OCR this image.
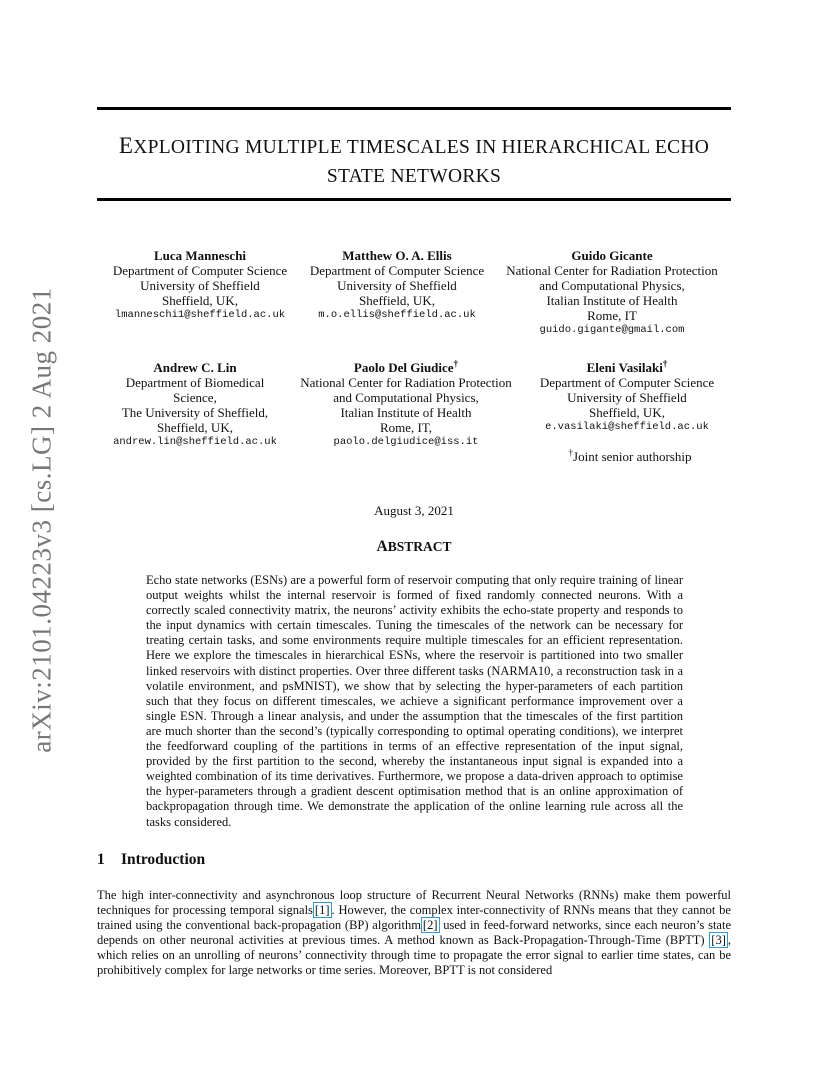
arXiv:2101.04223v3 [cs.LG] 2 Aug 2021
EXPLOITING MULTIPLE TIMESCALES IN HIERARCHICAL ECHO
STATE NETWORKS
Luca Manneschi
Department of Computer Science
University of Sheffield
Sheffield, UK,
lmanneschi1@sheffield.ac.uk
Matthew O. A. Ellis
Department of Computer Science
University of Sheffield
Sheffield, UK,
m.o.ellis@sheffield.ac.uk
Guido Gicante
National Center for Radiation Protection
and Computational Physics,
Italian Institute of Health
Rome, IT
guido.gigante@gmail.com
Andrew C. Lin
Department of Biomedical
Science,
The University of Sheffield,
Sheffield, UK,
andrew.lin@sheffield.ac.uk
Paolo Del Giudice†
National Center for Radiation Protection
and Computational Physics,
Italian Institute of Health
Rome, IT,
paolo.delgiudice@iss.it
Eleni Vasilaki†
Department of Computer Science
University of Sheffield
Sheffield, UK,
e.vasilaki@sheffield.ac.uk
†Joint senior authorship
August 3, 2021
ABSTRACT
Echo state networks (ESNs) are a powerful form of reservoir computing that only require training of linear output weights whilst the internal reservoir is formed of fixed randomly connected neurons. With a correctly scaled connectivity matrix, the neurons’ activity exhibits the echo-state property and responds to the input dynamics with certain timescales. Tuning the timescales of the network can be necessary for treating certain tasks, and some environments require multiple timescales for an efficient representation. Here we explore the timescales in hierarchical ESNs, where the reservoir is partitioned into two smaller linked reservoirs with distinct properties. Over three different tasks (NARMA10, a reconstruction task in a volatile environment, and psMNIST), we show that by selecting the hyper-parameters of each partition such that they focus on different timescales, we achieve a significant performance improvement over a single ESN. Through a linear analysis, and under the assumption that the timescales of the first partition are much shorter than the second’s (typically corresponding to optimal operating conditions), we interpret the feedforward coupling of the partitions in terms of an effective representation of the input signal, provided by the first partition to the second, whereby the instantaneous input signal is expanded into a weighted combination of its time derivatives. Furthermore, we propose a data-driven approach to optimise the hyper-parameters through a gradient descent optimisation method that is an online approximation of backpropagation through time. We demonstrate the application of the online learning rule across all the tasks considered.
1 Introduction
The high inter-connectivity and asynchronous loop structure of Recurrent Neural Networks (RNNs) make them powerful techniques for processing temporal signals [1] . However, the complex inter-connectivity of RNNs means that they cannot be trained using the conventional back-propagation (BP) algorithm [2] used in feed-forward networks, since each neuron’s state depends on other neuronal activities at previous times. A method known as Back-Propagation-Through-Time (BPTT) [3] , which relies on an unrolling of neurons’ connectivity through time to propagate the error signal to earlier time states, can be prohibitively complex for large networks or time series. Moreover, BPTT is not considered
